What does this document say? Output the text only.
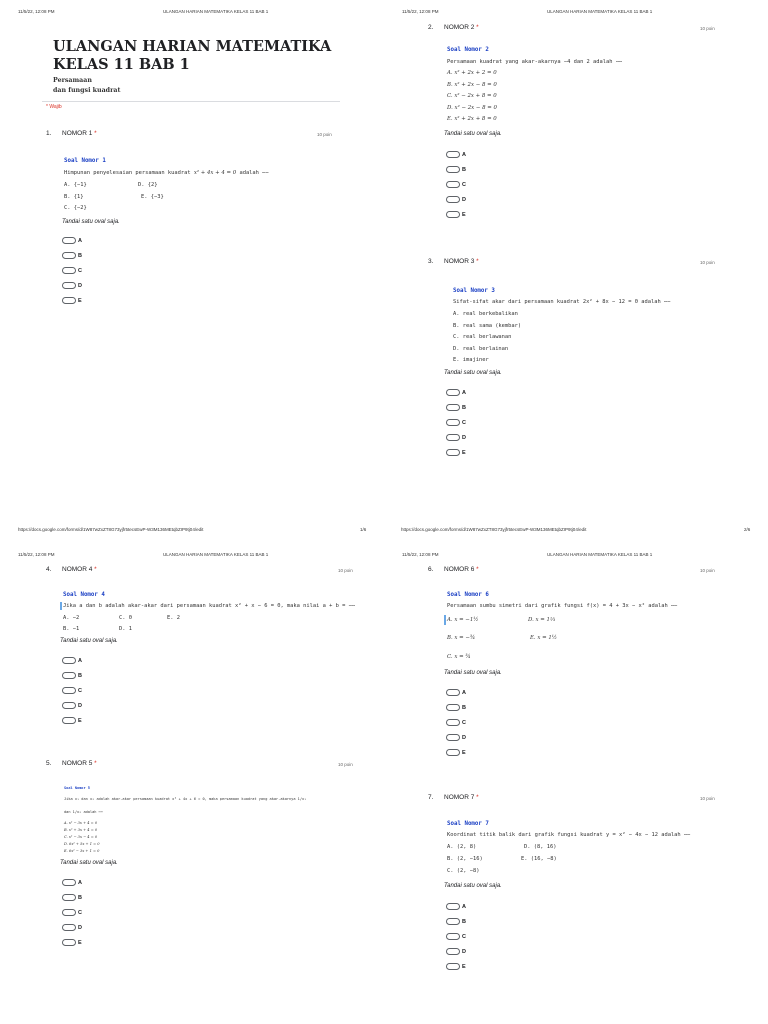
11/5/22, 12:08 PM	ULANGAN HARIAN MATEMATIKA KELAS 11 BAB 1
ULANGAN HARIAN MATEMATIKA
KELAS 11 BAB 1
Persamaan
dan fungsi kuadrat
* Wajib
1. NOMOR 1 *	10 poin
Soal Nomor 1
Himpunan penyelesaian persamaan kuadrat x² + 4x + 4 = 0 adalah ⋯⋯
A. {−1}	D. {2}
B. {1}	E. {−3}
C. {−2}
Tandai satu oval saja.
A
B
C
D
E
https://docs.google.com/forms/d/1W87wZxZT8G73yjfr5tecsEwP-W3M136MEtqbZIP9tj04/edit	1/6
11/5/22, 12:08 PM	ULANGAN HARIAN MATEMATIKA KELAS 11 BAB 1
2. NOMOR 2 *	10 poin
Soal Nomor 2
Persamaan kuadrat yang akar-akarnya −4 dan 2 adalah ⋯⋯
A. x² + 2x + 2 = 0
B. x² + 2x − 8 = 0
C. x² − 2x + 8 = 0
D. x² − 2x − 8 = 0
E. x² + 2x + 8 = 0
Tandai satu oval saja.
A
B
C
D
E
3. NOMOR 3 *	10 poin
Soal Nomor 3
Sifat-sifat akar dari persamaan kuadrat 2x² + 8x − 12 = 0 adalah ⋯⋯
A. real berkebalikan
B. real sama (kembar)
C. real berlawanan
D. real berlainan
E. imajiner
Tandai satu oval saja.
A
B
C
D
E
https://docs.google.com/forms/d/1W87wZxZT8G73yjfr5tecsEwP-W3M136MEtqbZIP9tj04/edit	2/6
11/5/22, 12:08 PM	ULANGAN HARIAN MATEMATIKA KELAS 11 BAB 1
4. NOMOR 4 *	10 poin
Soal Nomor 4
Jika a dan b adalah akar-akar dari persamaan kuadrat x² + x − 6 = 0, maka nilai a + b = ⋯⋯
A. −2	C. 0	E. 2
B. −1	D. 1
Tandai satu oval saja.
A
B
C
D
E
5. NOMOR 5 *	10 poin
Soal Nomor 5
Jika x₁ dan x₂ adalah akar-akar persamaan kuadrat x² + 4x + 6 = 0, maka persamaan kuadrat yang akar-akarnya 1/x₁
dan 1/x₂ adalah ⋯⋯
A. x² − 3x + 4 = 0
B. x² + 3x + 4 = 0
C. x² − 3x − 4 = 0
D. 6x² + 5x + 1 = 0
E. 6x² − 3x + 1 = 0
Tandai satu oval saja.
A
B
C
D
E
11/5/22, 12:08 PM	ULANGAN HARIAN MATEMATIKA KELAS 11 BAB 1
6. NOMOR 6 *	10 poin
Soal Nomor 6
Persamaan sumbu simetri dari grafik fungsi f(x) = 4 + 3x − x² adalah ⋯⋯
A. x = −1½	D. x = 1⅓
B. x = −¾	E. x = 1½
C. x = ¾
Tandai satu oval saja.
A
B
C
D
E
7. NOMOR 7 *	10 poin
Soal Nomor 7
Koordinat titik balik dari grafik fungsi kuadrat y = x² − 4x − 12 adalah ⋯⋯
A. (2, 8)	D. (8, 16)
B. (2, −16)	E. (16, −8)
C. (2, −8)
Tandai satu oval saja.
A
B
C
D
E
